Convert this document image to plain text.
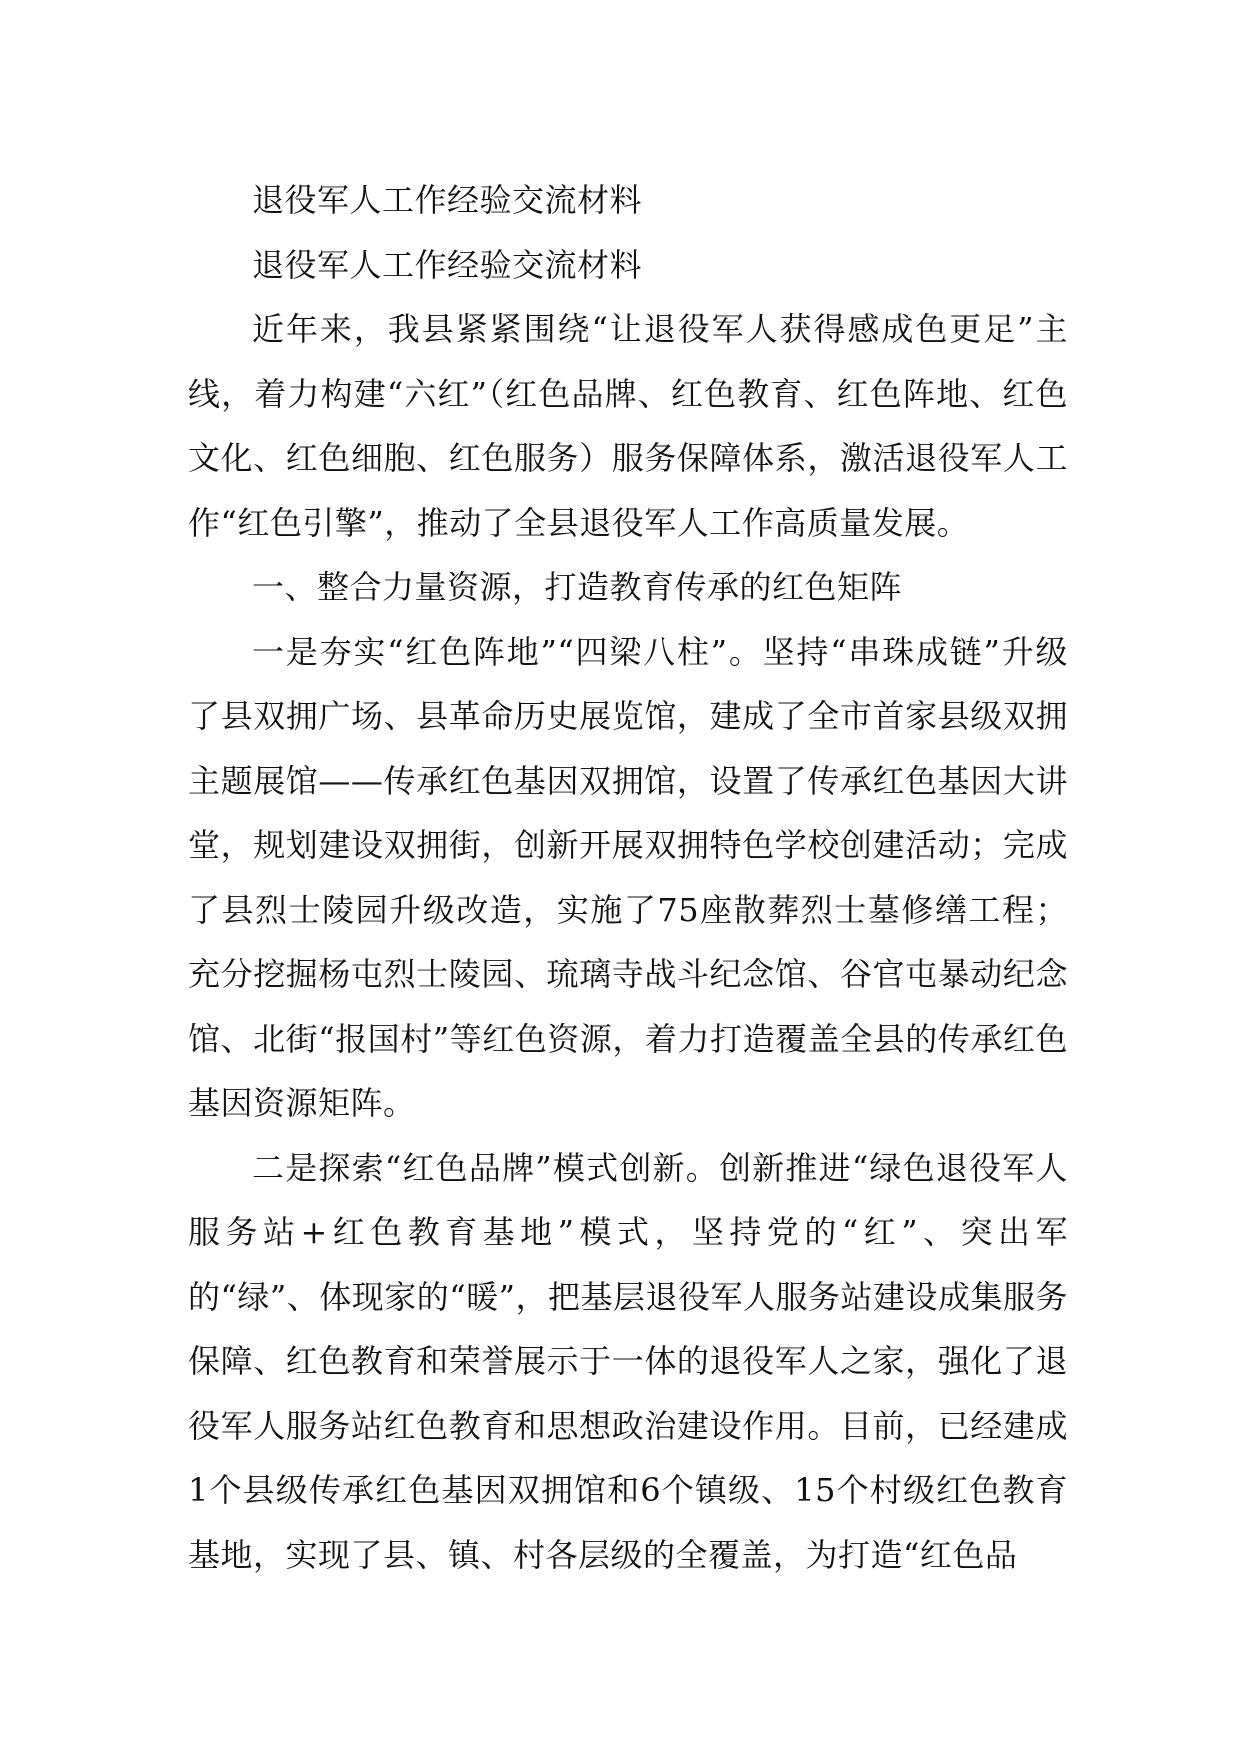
退役军人工作经验交流材料

退役军人工作经验交流材料

近年来，我县紧紧围绕“让退役军人获得感成色更足”主线，着力构建“六红”（红色品牌、红色教育、红色阵地、红色文化、红色细胞、红色服务）服务保障体系，激活退役军人工作“红色引擎”，推动了全县退役军人工作高质量发展。

一、整合力量资源，打造教育传承的红色矩阵

一是夯实“红色阵地”“四梁八柱”。坚持“串珠成链”升级了县双拥广场、县革命历史展览馆，建成了全市首家县级双拥主题展馆——传承红色基因双拥馆，设置了传承红色基因大讲堂，规划建设双拥街，创新开展双拥特色学校创建活动；完成了县烈士陵园升级改造，实施了75座散葬烈士墓修缮工程；充分挖掘杨屯烈士陵园、琉璃寺战斗纪念馆、谷官屯暴动纪念馆、北街“报国村”等红色资源，着力打造覆盖全县的传承红色基因资源矩阵。

二是探索“红色品牌”模式创新。创新推进“绿色退役军人服务站+红色教育基地”模式，坚持党的“红”、突出军的“绿”、体现家的“暖”，把基层退役军人服务站建设成集服务保障、红色教育和荣誉展示于一体的退役军人之家，强化了退役军人服务站红色教育和思想政治建设作用。目前，已经建成1个县级传承红色基因双拥馆和6个镇级、15个村级红色教育基地，实现了县、镇、村各层级的全覆盖，为打造“红色品
